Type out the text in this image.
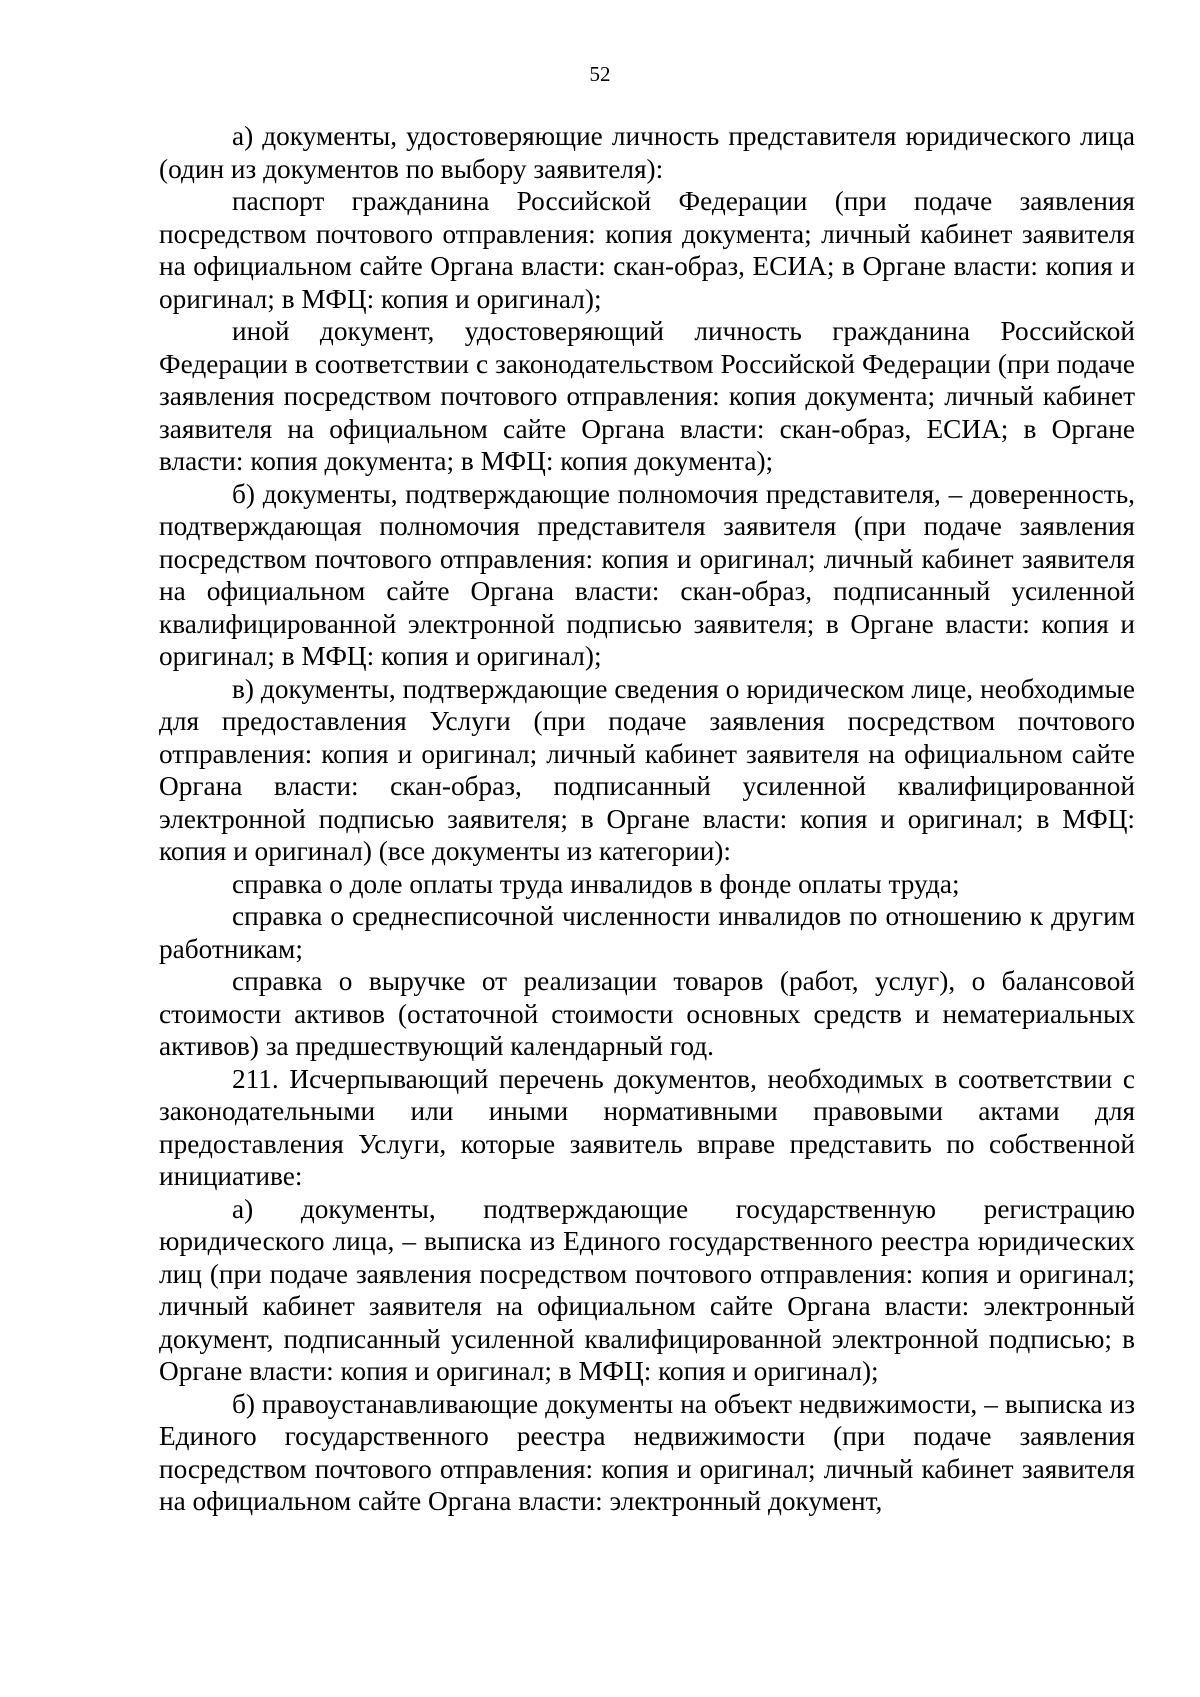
52

а) документы, удостоверяющие личность представителя юридического лица (один из документов по выбору заявителя):

паспорт гражданина Российской Федерации (при подаче заявления посредством почтового отправления: копия документа; личный кабинет заявителя на официальном сайте Органа власти: скан-образ, ЕСИА; в Органе власти: копия и оригинал; в МФЦ: копия и оригинал);

иной документ, удостоверяющий личность гражданина Российской Федерации в соответствии с законодательством Российской Федерации (при подаче заявления посредством почтового отправления: копия документа; личный кабинет заявителя на официальном сайте Органа власти: скан-образ, ЕСИА; в Органе власти: копия документа; в МФЦ: копия документа);

б) документы, подтверждающие полномочия представителя, – доверенность, подтверждающая полномочия представителя заявителя (при подаче заявления посредством почтового отправления: копия и оригинал; личный кабинет заявителя на официальном сайте Органа власти: скан-образ, подписанный усиленной квалифицированной электронной подписью заявителя; в Органе власти: копия и оригинал; в МФЦ: копия и оригинал);

в) документы, подтверждающие сведения о юридическом лице, необходимые для предоставления Услуги (при подаче заявления посредством почтового отправления: копия и оригинал; личный кабинет заявителя на официальном сайте Органа власти: скан-образ, подписанный усиленной квалифицированной электронной подписью заявителя; в Органе власти: копия и оригинал; в МФЦ: копия и оригинал) (все документы из категории):

справка о доле оплаты труда инвалидов в фонде оплаты труда;

справка о среднесписочной численности инвалидов по отношению к другим работникам;

справка о выручке от реализации товаров (работ, услуг), о балансовой стоимости активов (остаточной стоимости основных средств и нематериальных активов) за предшествующий календарный год.

211. Исчерпывающий перечень документов, необходимых в соответствии с законодательными или иными нормативными правовыми актами для предоставления Услуги, которые заявитель вправе представить по собственной инициативе:

а) документы, подтверждающие государственную регистрацию юридического лица, – выписка из Единого государственного реестра юридических лиц (при подаче заявления посредством почтового отправления: копия и оригинал; личный кабинет заявителя на официальном сайте Органа власти: электронный документ, подписанный усиленной квалифицированной электронной подписью; в Органе власти: копия и оригинал; в МФЦ: копия и оригинал);

б) правоустанавливающие документы на объект недвижимости, – выписка из Единого государственного реестра недвижимости (при подаче заявления посредством почтового отправления: копия и оригинал; личный кабинет заявителя на официальном сайте Органа власти: электронный документ,
